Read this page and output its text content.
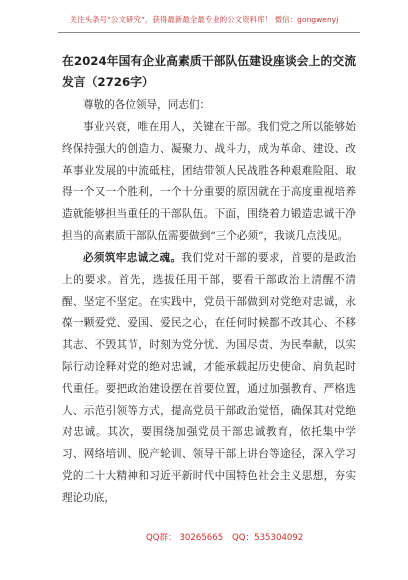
关注头条号“公文研究”，获得最新最全最专业的公文资料库！ 微信：gongwenyj
在2024年国有企业高素质干部队伍建设座谈会上的交流发言（2726字）

尊敬的各位领导，同志们：

事业兴衰，唯在用人，关键在干部。我们党之所以能够始终保持强大的创造力、凝聚力、战斗力，成为革命、建设、改革事业发展的中流砥柱，团结带领人民战胜各种艰难险阻、取得一个又一个胜利，一个十分重要的原因就在于高度重视培养造就能够担当重任的干部队伍。下面，围绕着力锻造忠诚干净担当的高素质干部队伍需要做到“三个必须”，我谈几点浅见。

必须筑牢忠诚之魂。我们党对干部的要求，首要的是政治上的要求。首先，选拔任用干部，要看干部政治上清醒不清醒、坚定不坚定。在实践中，党员干部做到对党绝对忠诚，永葆一颗爱党、爱国、爱民之心，在任何时候都不改其心、不移其志、不毁其节，时刻为党分忧、为国尽责、为民奉献，以实际行动诠释对党的绝对忠诚，才能承载起历史使命、肩负起时代重任。要把政治建设摆在首要位置，通过加强教育、严格选人、示范引领等方式，提高党员干部政治觉悟，确保其对党绝对忠诚。其次，要围绕加强党员干部忠诚教育，依托集中学习、网络培训、脱产轮训、领导干部上讲台等途径，深入学习党的二十大精神和习近平新时代中国特色社会主义思想，夯实理论功底，

QQ群： 30265665 QQ：535304092
